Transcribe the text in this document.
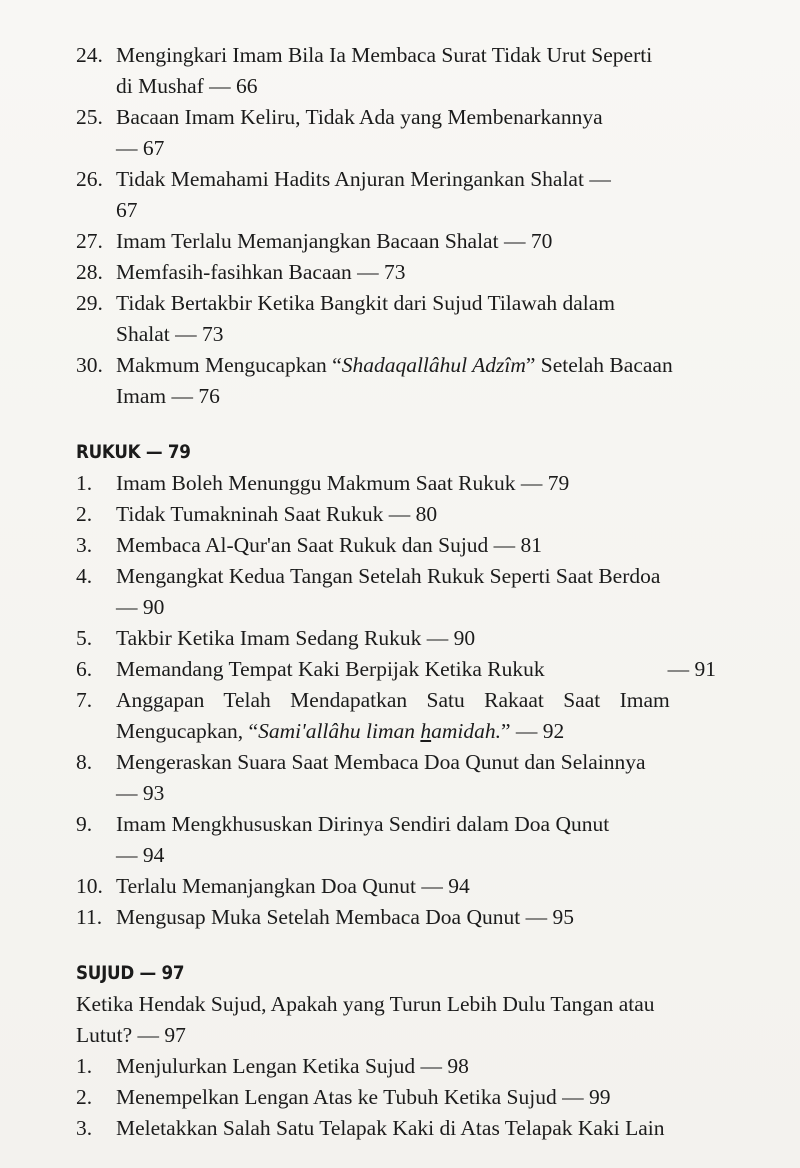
24. Mengingkari Imam Bila Ia Membaca Surat Tidak Urut Seperti
di Mushaf — 66
25. Bacaan Imam Keliru, Tidak Ada yang Membenarkannya
— 67
26. Tidak Memahami Hadits Anjuran Meringankan Shalat —
67
27. Imam Terlalu Memanjangkan Bacaan Shalat — 70
28. Memfasih-fasihkan Bacaan — 73
29. Tidak Bertakbir Ketika Bangkit dari Sujud Tilawah dalam
Shalat — 73
30. Makmum Mengucapkan “Shadaqallâhul Adzîm” Setelah Bacaan
Imam — 76
RUKUK — 79
1.	Imam Boleh Menunggu Makmum Saat Rukuk — 79
2.	Tidak Tumakninah Saat Rukuk — 80
3.	Membaca Al-Qur'an Saat Rukuk dan Sujud — 81
4.	Mengangkat Kedua Tangan Setelah Rukuk Seperti Saat Berdoa
— 90
5.	Takbir Ketika Imam Sedang Rukuk — 90
6.	Memandang Tempat Kaki Berpijak Ketika Rukuk	— 91
7.	Anggapan Telah Mendapatkan Satu Rakaat Saat Imam
Mengucapkan, “Sami'allâhu liman hamidah.” — 92
8.	Mengeraskan Suara Saat Membaca Doa Qunut dan Selainnya
— 93
9.	Imam Mengkhususkan Dirinya Sendiri dalam Doa Qunut
— 94
10. Terlalu Memanjangkan Doa Qunut — 94
11. Mengusap Muka Setelah Membaca Doa Qunut — 95
SUJUD — 97
Ketika Hendak Sujud, Apakah yang Turun Lebih Dulu Tangan atau
Lutut? — 97
1.	Menjulurkan Lengan Ketika Sujud — 98
2.	Menempelkan Lengan Atas ke Tubuh Ketika Sujud — 99
3.	Meletakkan Salah Satu Telapak Kaki di Atas Telapak Kaki Lain
